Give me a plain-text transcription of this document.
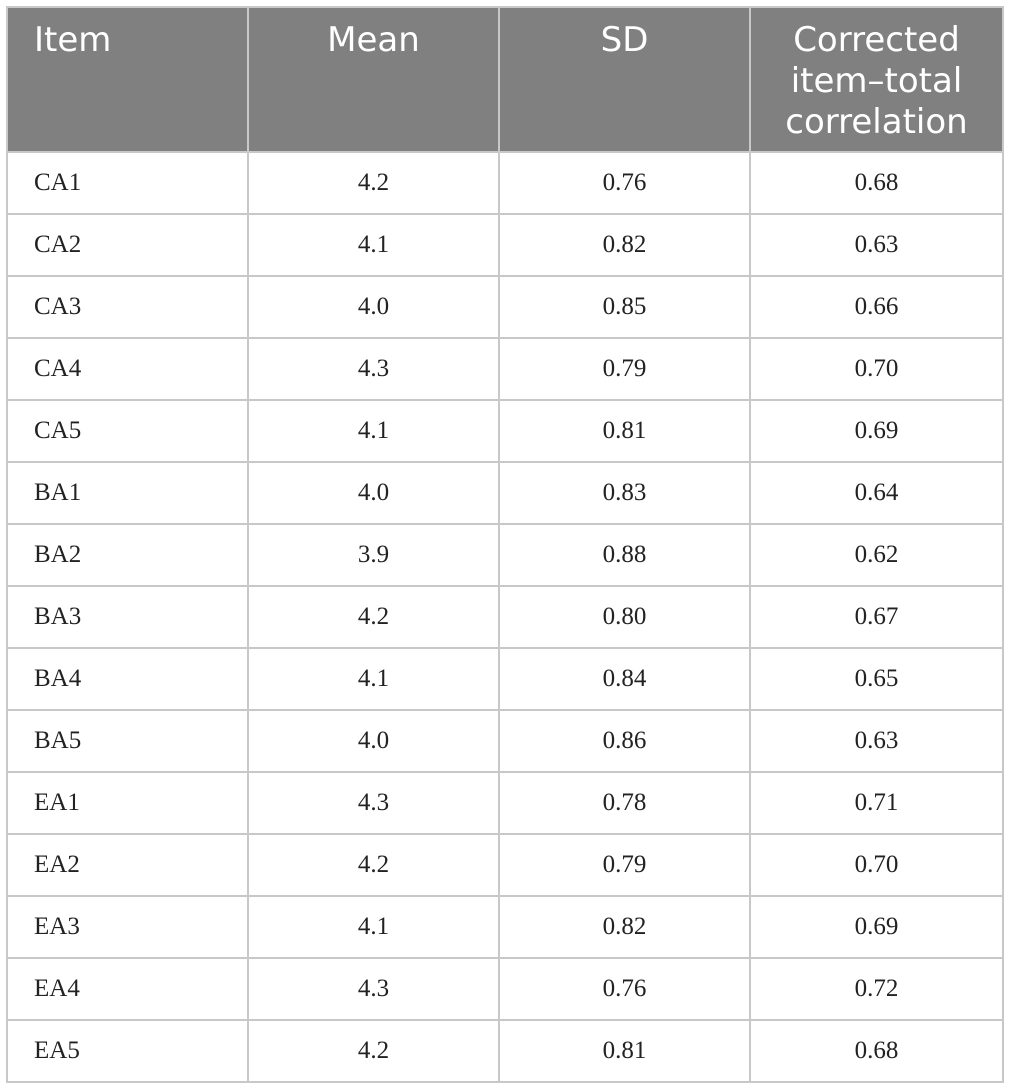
Item	Mean	SD	Corrected item–total correlation
CA1	4.2	0.76	0.68
CA2	4.1	0.82	0.63
CA3	4.0	0.85	0.66
CA4	4.3	0.79	0.70
CA5	4.1	0.81	0.69
BA1	4.0	0.83	0.64
BA2	3.9	0.88	0.62
BA3	4.2	0.80	0.67
BA4	4.1	0.84	0.65
BA5	4.0	0.86	0.63
EA1	4.3	0.78	0.71
EA2	4.2	0.79	0.70
EA3	4.1	0.82	0.69
EA4	4.3	0.76	0.72
EA5	4.2	0.81	0.68
